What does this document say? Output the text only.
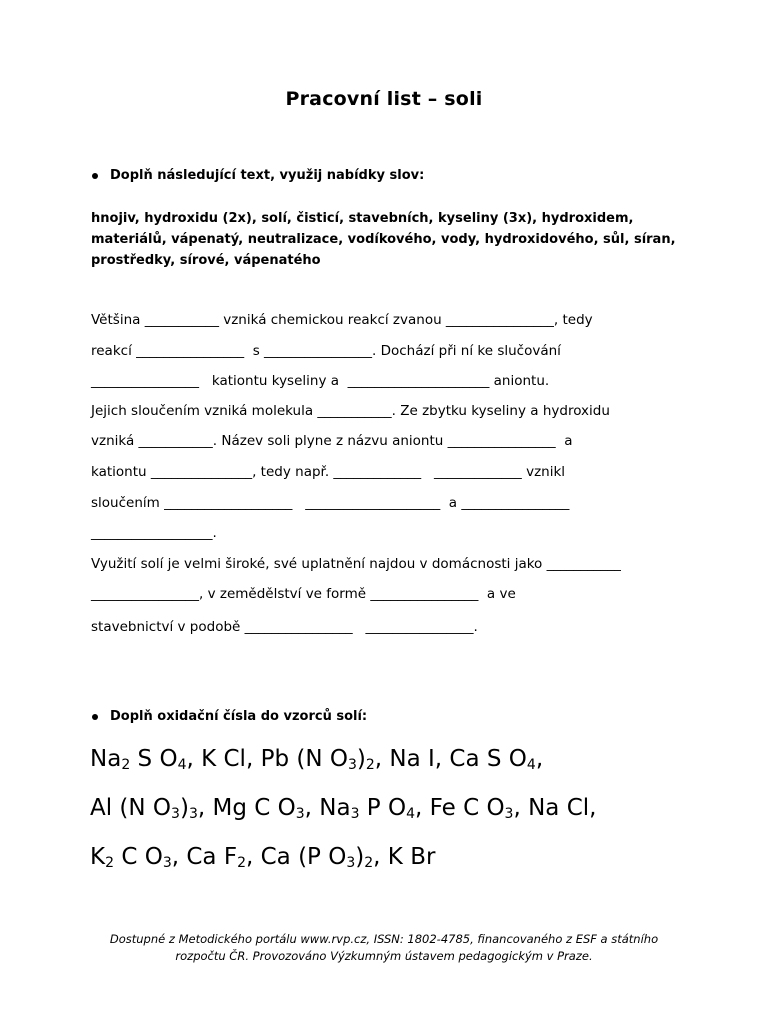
Pracovní list – soli
Doplň následující text, využij nabídky slov:
hnojiv, hydroxidu (2x), solí, čisticí, stavebních, kyseliny (3x), hydroxidem, materiálů, vápenatý, neutralizace, vodíkového, vody, hydroxidového, sůl, síran, prostředky, sírové, vápenatého
Většina ___________ vzniká chemickou reakcí zvanou ________________, tedy
reakcí ________________  s ________________. Dochází při ní ke slučování
________________   kationtu kyseliny a  _____________________ aniontu.
Jejich sloučením vzniká molekula ___________. Ze zbytku kyseliny a hydroxidu
vzniká ___________. Název soli plyne z názvu aniontu ________________  a
kationtu _______________, tedy např. _____________   _____________ vznikl
sloučením ___________________   ____________________  a ________________
__________________.
Využití solí je velmi široké, své uplatnění najdou v domácnosti jako ___________
________________, v zemědělství ve formě ________________  a ve
stavebnictví v podobě ________________   ________________.
Doplň oxidační čísla do vzorců solí:
$Na_2$ S $O_4$, K Cl, Pb (N $O_3)_2$, Na I, Ca S $O_4$,
Al (N $O_3)_3$, Mg C $O_3$, $Na_3$ P $O_4$, Fe C $O_3$, Na Cl,
$K_2$ C $O_3$, Ca $F_2$, Ca (P $O_3)_2$, K Br
Dostupné z Metodického portálu www.rvp.cz, ISSN: 1802-4785, financovaného z ESF a státního
rozpočtu ČR. Provozováno Výzkumným ústavem pedagogickým v Praze.
